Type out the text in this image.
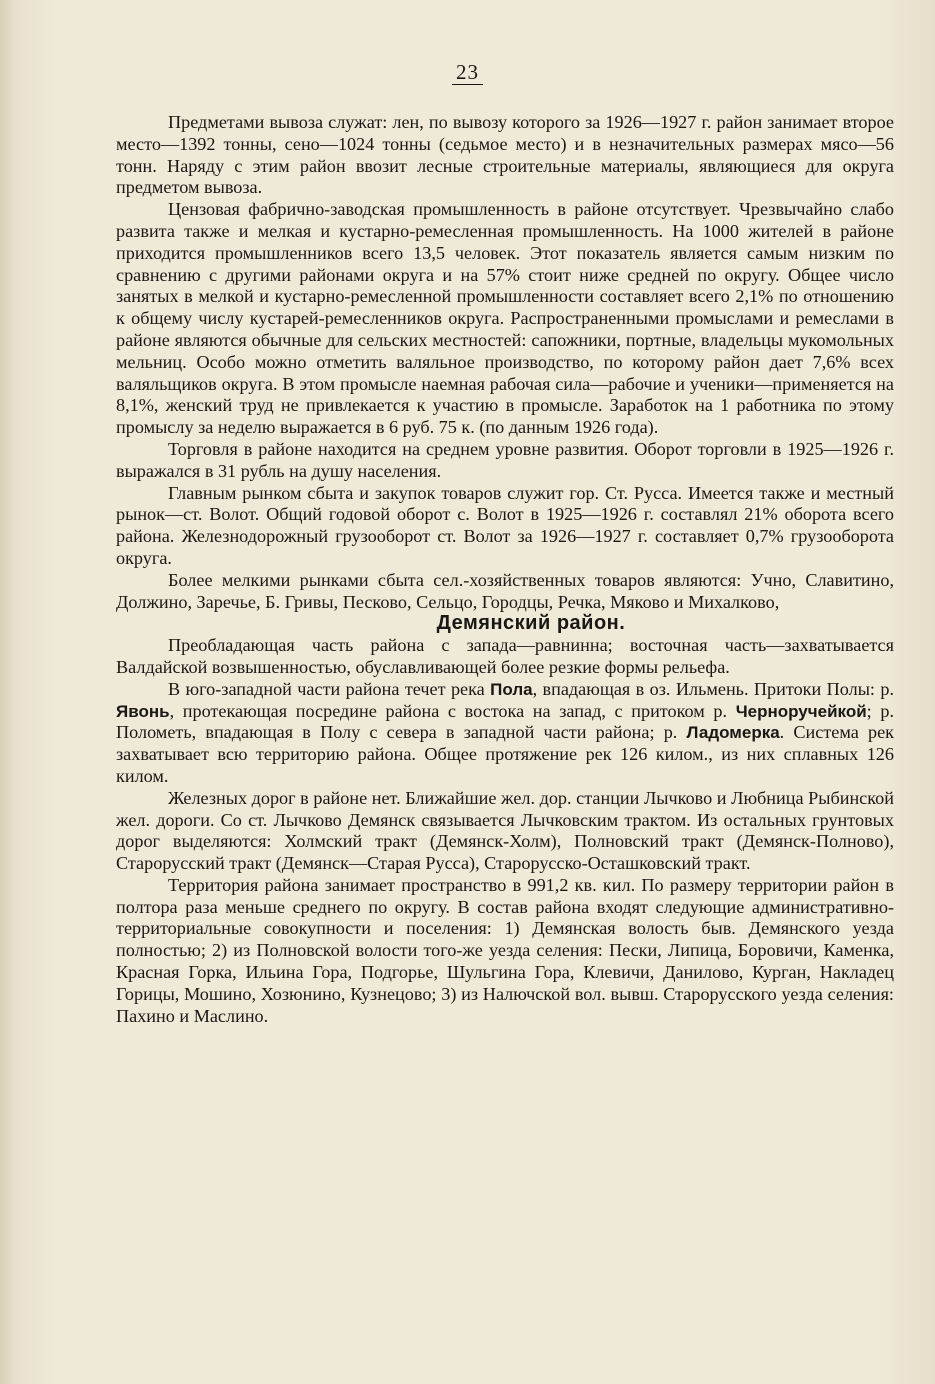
23

Предметами вывоза служат: лен, по вывозу которого за 1926—1927 г. район занимает второе место—1392 тонны, сено—1024 тонны (седьмое место) и в незначительных размерах мясо—56 тонн. Наряду с этим район ввозит лесные строительные материалы, являющиеся для округа предметом вывоза.

Цензовая фабрично-заводская промышленность в районе отсутствует. Чрезвычайно слабо развита также и мелкая и кустарно-ремесленная промышленность. На 1000 жителей в районе приходится промышленников всего 13,5 человек. Этот показатель является самым низким по сравнению с другими районами округа и на 57% стоит ниже средней по округу. Общее число занятых в мелкой и кустарно-ремесленной промышленности составляет всего 2,1% по отношению к общему числу кустарей-ремесленников округа. Распространенными промыслами и ремеслами в районе являются обычные для сельских местностей: сапожники, портные, владельцы мукомольных мельниц. Особо можно отметить валяльное производство, по которому район дает 7,6% всех валяльщиков округа. В этом промысле наемная рабочая сила—рабочие и ученики—применяется на 8,1%, женский труд не привлекается к участию в промысле. Заработок на 1 работника по этому промыслу за неделю выражается в 6 руб. 75 к. (по данным 1926 года).

Торговля в районе находится на среднем уровне развития. Оборот торговли в 1925—1926 г. выражался в 31 рубль на душу населения.

Главным рынком сбыта и закупок товаров служит гор. Ст. Русса. Имеется также и местный рынок—ст. Волот. Общий годовой оборот с. Волот в 1925—1926 г. составлял 21% оборота всего района. Железнодорожный грузооборот ст. Волот за 1926—1927 г. составляет 0,7% грузооборота округа.

Более мелкими рынками сбыта сел.-хозяйственных товаров являются: Учно, Славитино, Должино, Заречье, Б. Гривы, Песково, Сельцо, Городцы, Речка, Мяково и Михалково,

Демянский район.

Преобладающая часть района с запада—равнинна; восточная часть—захватывается Валдайской возвышенностью, обуславливающей более резкие формы рельефа.

В юго-западной части района течет река Пола, впадающая в оз. Ильмень. Притоки Полы: р. Явонь, протекающая посредине района с востока на запад, с притоком р. Черноручейкой; р. Полометь, впадающая в Полу с севера в западной части района; р. Ладомерка. Система рек захватывает всю территорию района. Общее протяжение рек 126 килом., из них сплавных 126 килом.

Железных дорог в районе нет. Ближайшие жел. дор. станции Лычково и Любница Рыбинской жел. дороги. Со ст. Лычково Демянск связывается Лычковским трактом. Из остальных грунтовых дорог выделяются: Холмский тракт (Демянск-Холм), Полновский тракт (Демянск-Полново), Старорусский тракт (Демянск—Старая Русса), Старорусско-Осташковский тракт.

Территория района занимает пространство в 991,2 кв. кил. По размеру территории район в полтора раза меньше среднего по округу. В состав района входят следующие административно-территориальные совокупности и поселения: 1) Демянская волость быв. Демянского уезда полностью; 2) из Полновской волости того-же уезда селения: Пески, Липица, Боровичи, Каменка, Красная Горка, Ильина Гора, Подгорье, Шульгина Гора, Клевичи, Данилово, Курган, Накладец Горицы, Мошино, Хозюнино, Кузнецово; 3) из Налючской вол. вывш. Старорусского уезда селения: Пахино и Маслино.
